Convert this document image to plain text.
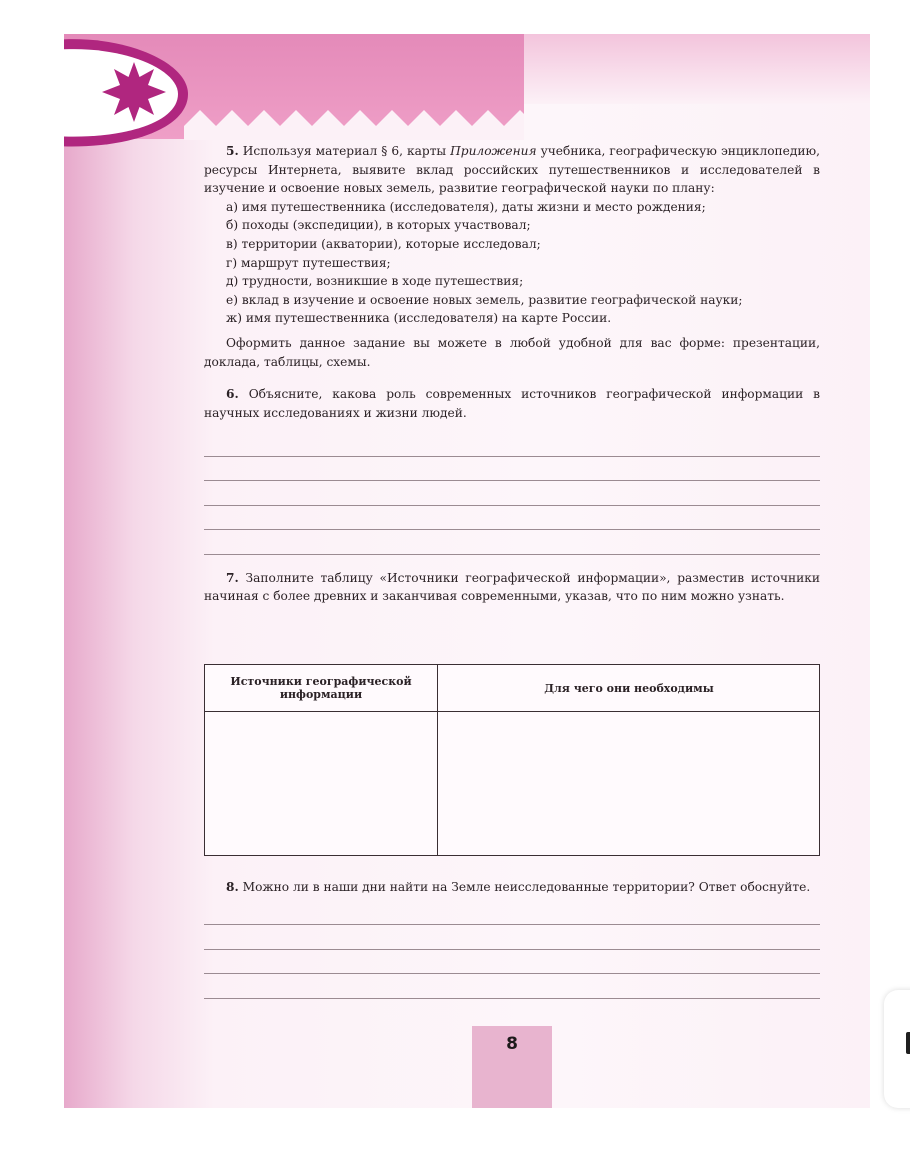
5. Используя материал § 6, карты Приложения учебника, географическую энциклопедию, ресурсы Интернета, выявите вклад российских путешественников и исследователей в изучение и освоение новых земель, развитие географической науки по плану:

а) имя путешественника (исследователя), даты жизни и место рождения;

б) походы (экспедиции), в которых участвовал;

в) территории (акватории), которые исследовал;

г) маршрут путешествия;

д) трудности, возникшие в ходе путешествия;

е) вклад в изучение и освоение новых земель, развитие географической науки;

ж) имя путешественника (исследователя) на карте России.

Оформить данное задание вы можете в любой удобной для вас форме: презентации, доклада, таблицы, схемы.

6. Объясните, какова роль современных источников географической информации в научных исследованиях и жизни людей.

7. Заполните таблицу «Источники географической информации», разместив источники начиная с более древних и заканчивая современными, указав, что по ним можно узнать.

Источники географической информации	Для чего они необходимы

8. Можно ли в наши дни найти на Земле неисследованные территории? Ответ обоснуйте.

8
